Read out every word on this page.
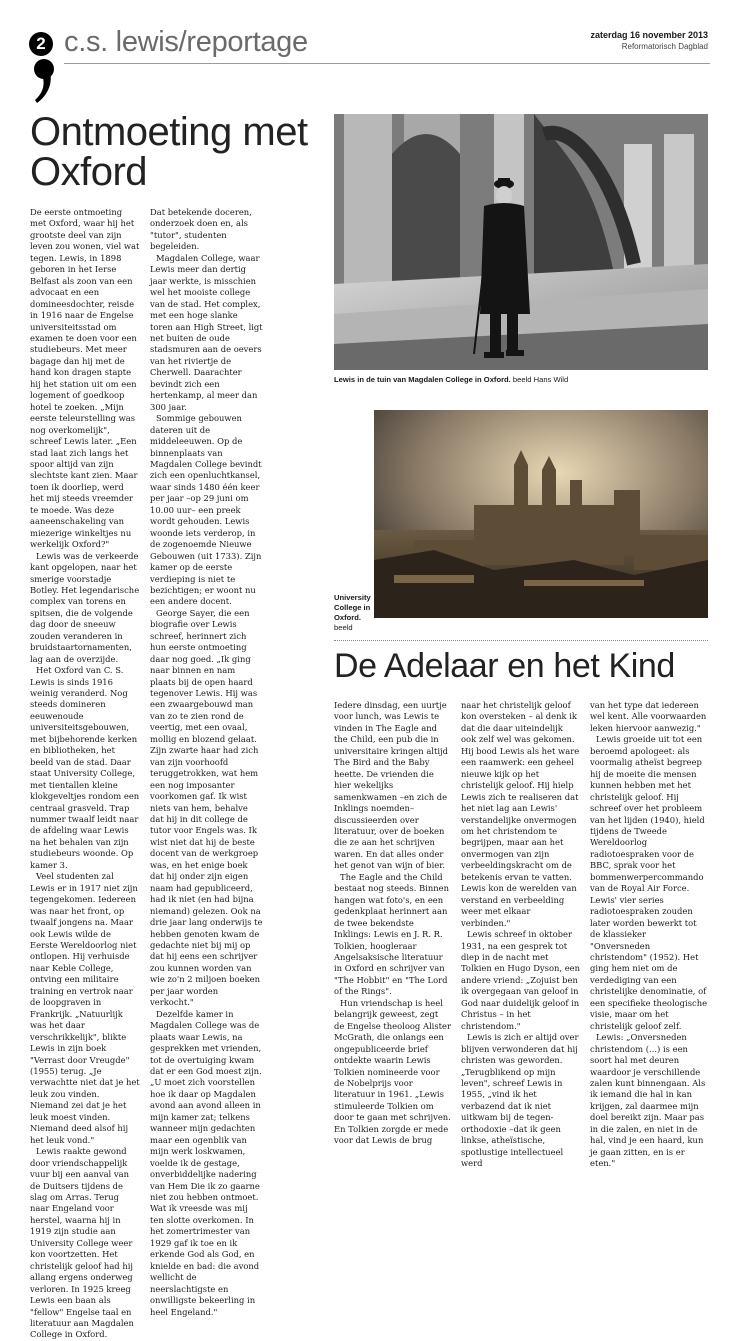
2 c.s. lewis/reportage	zaterdag 16 november 2013
Reformatorisch Dagblad
Ontmoeting met Oxford

De eerste ontmoeting met Oxford, waar hij het grootste deel van zijn leven zou wonen, viel wat tegen. Lewis, in 1898 geboren in het Ierse Belfast als zoon van een advocaat en een domineesdochter, reisde in 1916 naar de Engelse universiteitsstad om examen te doen voor een studiebeurs. Met meer bagage dan hij met de hand kon dragen stapte hij het station uit om een logement of goedkoop hotel te zoeken. „Mijn eerste teleurstelling was nog overkomelijk", schreef Lewis later. „Een stad laat zich langs het spoor altijd van zijn slechtste kant zien. Maar toen ik doorliep, werd het mij steeds vreemder te moede. Was deze aaneenschakeling van miezerige winkeltjes nu werkelijk Oxford?"

Lewis was de verkeerde kant opgelopen, naar het smerige voorstadje Botley. Het legendarische complex van torens en spitsen, die de volgende dag door de sneeuw zouden veranderen in bruidstaartornamenten, lag aan de overzijde.

Het Oxford van C. S. Lewis is sinds 1916 weinig veranderd. Nog steeds domineren eeuwenoude universiteitsgebouwen, met bijbehorende kerken en bibliotheken, het beeld van de stad. Daar staat University College, met tientallen kleine klokgeveltjes rondom een centraal grasveld. Trap nummer twaalf leidt naar de afdeling waar Lewis na het behalen van zijn studiebeurs woonde. Op kamer 3.

Veel studenten zal Lewis er in 1917 niet zijn tegengekomen. Iedereen was naar het front, op twaalf jongens na. Maar ook Lewis wilde de Eerste Wereldoorlog niet ontlopen. Hij verhuisde naar Keble College, ontving een militaire training en vertrok naar de loopgraven in Frankrijk. „Natuurlijk was het daar verschrikkelijk", blikte Lewis in zijn boek "Verrast door Vreugde" (1955) terug. „Je verwachtte niet dat je het leuk zou vinden. Niemand zei dat je het leuk moest vinden. Niemand deed alsof hij het leuk vond."

Lewis raakte gewond door vriendschappelijk vuur bij een aanval van de Duitsers tijdens de slag om Arras. Terug naar Engeland voor herstel, waarna hij in 1919 zijn studie aan University College weer kon voortzetten. Het christelijk geloof had hij allang ergens onderweg verloren. In 1925 kreeg Lewis een baan als "fellow" Engelse taal en literatuur aan Magdalen College in Oxford.

Dat betekende doceren, onderzoek doen en, als "tutor", studenten begeleiden.

Magdalen College, waar Lewis meer dan dertig jaar werkte, is misschien wel het mooiste college van de stad. Het complex, met een hoge slanke toren aan High Street, ligt net buiten de oude stadsmuren aan de oevers van het riviertje de Cherwell. Daarachter bevindt zich een hertenkamp, al meer dan 300 jaar.

Sommige gebouwen dateren uit de middeleeuwen. Op de binnenplaats van Magdalen College bevindt zich een openluchtkansel, waar sinds 1480 één keer per jaar –op 29 juni om 10.00 uur– een preek wordt gehouden. Lewis woonde iets verderop, in de zogenoemde Nieuwe Gebouwen (uit 1733). Zijn kamer op de eerste verdieping is niet te bezichtigen; er woont nu een andere docent.

George Sayer, die een biografie over Lewis schreef, herinnert zich hun eerste ontmoeting daar nog goed. „Ik ging naar binnen en nam plaats bij de open haard tegenover Lewis. Hij was een zwaargebouwd man van zo te zien rond de veertig, met een ovaal, mollig en blozend gelaat. Zijn zwarte haar had zich van zijn voorhoofd teruggetrokken, wat hem een nog imposanter voorkomen gaf. Ik wist niets van hem, behalve dat hij in dit college de tutor voor Engels was. Ik wist niet dat hij de beste docent van de werkgroep was, en het enige boek dat hij onder zijn eigen naam had gepubliceerd, had ik niet (en had bijna niemand) gelezen. Ook na drie jaar lang onderwijs te hebben genoten kwam de gedachte niet bij mij op dat hij eens een schrijver zou kunnen worden van wie zo'n 2 miljoen boeken per jaar worden verkocht."

Dezelfde kamer in Magdalen College was de plaats waar Lewis, na gesprekken met vrienden, tot de overtuiging kwam dat er een God moest zijn. „U moet zich voorstellen hoe ik daar op Magdalen avond aan avond alleen in mijn kamer zat; telkens wanneer mijn gedachten maar een ogenblik van mijn werk loskwamen, voelde ik de gestage, onverbiddelijke nadering van Hem Die ik zo gaarne niet zou hebben ontmoet. Wat ik vreesde was mij ten slotte overkomen. In het zomertrimester van 1929 gaf ik toe en ik erkende God als God, en knielde en bad: die avond wellicht de neerslachtigste en onwilligste bekeerling in heel Engeland."

Lewis in de tuin van Magdalen College in Oxford. beeld Hans Wild
University College in Oxford. beeld
De Adelaar en het Kind

Iedere dinsdag, een uurtje voor lunch, was Lewis te vinden in The Eagle and the Child, een pub die in universitaire kringen altijd The Bird and the Baby heette. De vrienden die hier wekelijks samenkwamen –en zich de Inklings noemden– discussieerden over literatuur, over de boeken die ze aan het schrijven waren. En dat alles onder het genot van wijn of bier.

The Eagle and the Child bestaat nog steeds. Binnen hangen wat foto's, en een gedenkplaat herinnert aan de twee bekendste Inklings: Lewis en J. R. R. Tolkien, hoogleraar Angelsaksische literatuur in Oxford en schrijver van "The Hobbit" en "The Lord of the Rings".

Hun vriendschap is heel belangrijk geweest, zegt de Engelse theoloog Alister McGrath, die onlangs een ongepubliceerde brief ontdekte waarin Lewis Tolkien nomineerde voor de Nobelprijs voor literatuur in 1961. „Lewis stimuleerde Tolkien om door te gaan met schrijven. En Tolkien zorgde er mede voor dat Lewis de brug

naar het christelijk geloof kon oversteken – al denk ik dat die daar uiteindelijk ook zelf wel was gekomen. Hij bood Lewis als het ware een raamwerk: een geheel nieuwe kijk op het christelijk geloof. Hij hielp Lewis zich te realiseren dat het niet lag aan Lewis' verstandelijke onvermogen om het christendom te begrijpen, maar aan het onvermogen van zijn verbeeldingskracht om de betekenis ervan te vatten. Lewis kon de werelden van verstand en verbeelding weer met elkaar verbinden."

Lewis schreef in oktober 1931, na een gesprek tot diep in de nacht met Tolkien en Hugo Dyson, een andere vriend: „Zojuist ben ik overgegaan van geloof in God naar duidelijk geloof in Christus – in het christendom."

Lewis is zich er altijd over blijven verwonderen dat hij christen was geworden. „Terugblikend op mijn leven", schreef Lewis in 1955, „vind ik het verbazend dat ik niet uitkwam bij de tegen-orthodoxie –dat ik geen linkse, atheïstische, spotlustige intellectueel werd

van het type dat iedereen wel kent. Alle voorwaarden leken hiervoor aanwezig."

Lewis groeide uit tot een beroemd apologeet: als voormalig atheïst begreep hij de moeite die mensen kunnen hebben met het christelijk geloof. Hij schreef over het probleem van het lijden (1940), hield tijdens de Tweede Wereldoorlog radiotoespraken voor de BBC, sprak voor het bommenwerpercommando van de Royal Air Force. Lewis' vier series radiotoespraken zouden later worden bewerkt tot de klassieker "Onversneden christendom" (1952). Het ging hem niet om de verdediging van een christelijke denominatie, of een specifieke theologische visie, maar om het christelijk geloof zelf.

Lewis: „Onversneden christendom (...) is een soort hal met deuren waardoor je verschillende zalen kunt binnengaan. Als ik iemand die hal in kan krijgen, zal daarmee mijn doel bereikt zijn. Maar pas in die zalen, en niet in de hal, vind je een haard, kun je gaan zitten, en is er eten."
